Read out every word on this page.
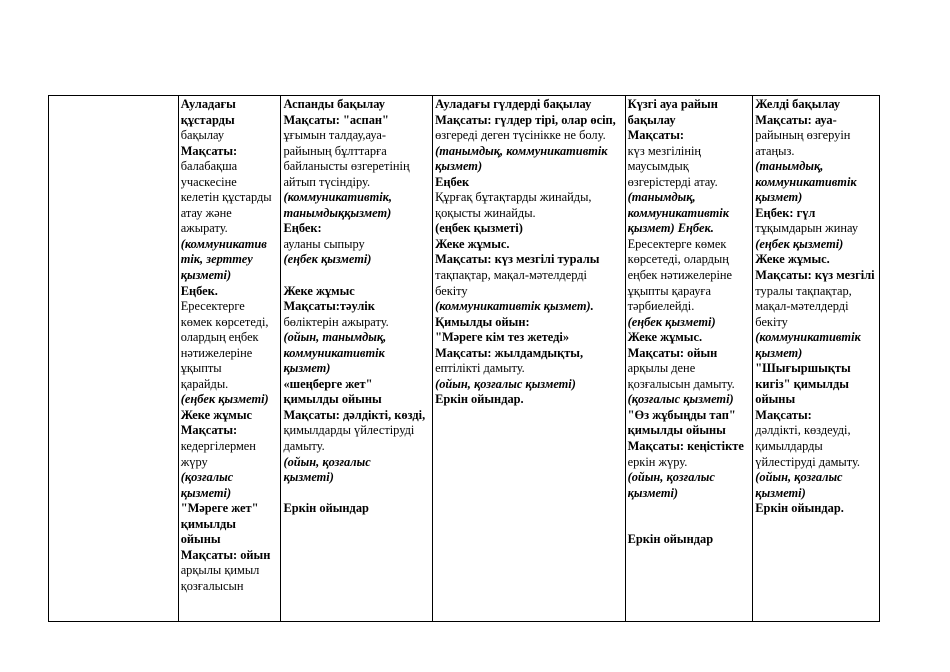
Ауладағы
құстарды
бақылау
Мақсаты:
балабақша
учаскесіне
келетін құстарды
атау және
ажырату.
(коммуникатив
тік, зерттеу
қызметі)
Еңбек.
Ересектерге
көмек көрсетеді,
олардың еңбек
нәтижелеріне
ұқыпты
қарайды.
(еңбек қызметі)
Жеке жұмыс
Мақсаты:
кедергілермен
жүру
(қозғалыс
қызметі)
"Мәреге жет"
қимылды
ойыны
Мақсаты: ойын
арқылы қимыл
қозғалысын
Аспанды бақылау
Мақсаты: "аспан"
ұғымын талдау,ауа-
райының бұлттарға
байланысты өзгеретінің
айтып түсіндіру.
(коммуникативтік,
танымдыққызмет)
Еңбек:
ауланы сыпыру
(еңбек қызметі)
Жеке жұмыс
Мақсаты:тәулік
бөліктерін ажырату.
(ойын, танымдық,
коммуникативтік
қызмет)
«шеңберге жет"
қимылды ойыны
Мақсаты: дәлдікті, көзді,
қимылдарды үйлестіруді
дамыту.
(ойын, қозғалыс
қызметі)
Еркін ойындар
Ауладағы гүлдерді бақылау
Мақсаты: гүлдер тірі, олар өсіп,
өзгереді деген түсінікке не болу.
(танымдық, коммуникативтік
қызмет)
Еңбек
Құрғақ бұтақтарды жинайды,
қоқысты жинайды.
(еңбек қызметі)
Жеке жұмыс.
Мақсаты: күз мезгілі туралы
тақпақтар, мақал-мәтелдерді
бекіту
(коммуникативтік қызмет).
Қимылды ойын:
"Мәреге кім тез жетеді»
Мақсаты: жылдамдықты,
ептілікті дамыту.
(ойын, қозғалыс қызметі)
Еркін ойындар.
Күзгі ауа райын
бақылау
Мақсаты:
күз мезгілінің
маусымдық
өзгерістерді атау.
(танымдық,
коммуникативтік
қызмет) Еңбек.
Ересектерге көмек
көрсетеді, олардың
еңбек нәтижелеріне
ұқыпты қарауға
тәрбиелейді.
(еңбек қызметі)
Жеке жұмыс.
Мақсаты: ойын
арқылы дене
қозғалысын дамыту.
(қозғалыс қызметі)
"Өз жұбыңды тап"
қимылды ойыны
Мақсаты: кеңістікте
еркін жүру.
(ойын, қозғалыс
қызметі)
Еркін ойындар
Желді бақылау
Мақсаты: ауа-
райының өзгеруін
атаңыз.
(танымдық,
коммуникативтік
қызмет)
Еңбек: гүл
тұқымдарын жинау
(еңбек қызметі)
Жеке жұмыс.
Мақсаты: күз мезгілі
туралы тақпақтар,
мақал-мәтелдерді
бекіту
(коммуникативтік
қызмет)
"Шығыршықты
кигіз" қимылды
ойыны
Мақсаты:
дәлдікті, көздеуді,
қимылдарды
үйлестіруді дамыту.
(ойын, қозғалыс
қызметі)
Еркін ойындар.
